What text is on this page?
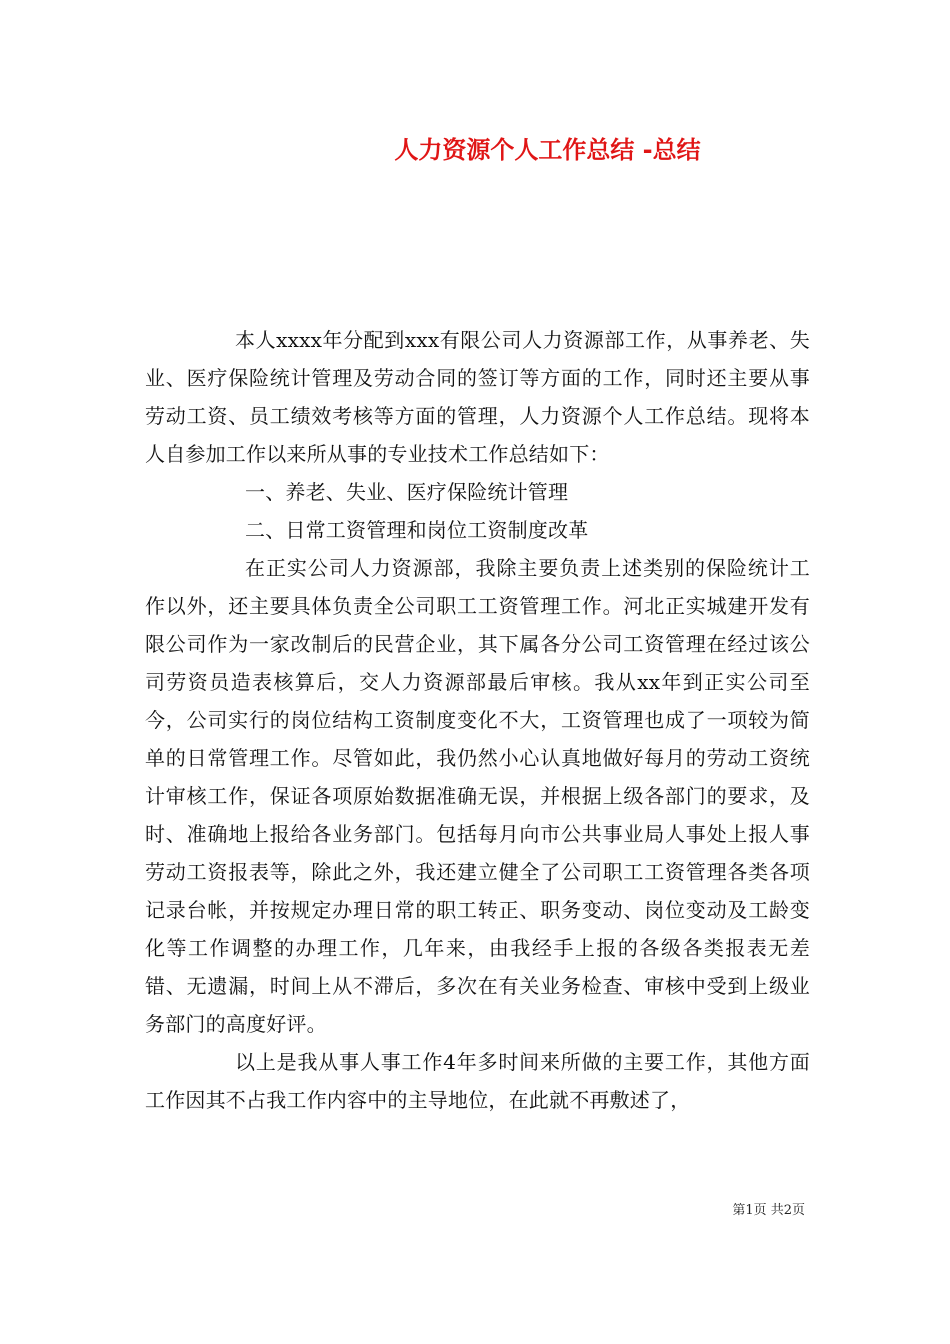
人力资源个人工作总结 -总结

本人xxxx年分配到xxx有限公司人力资源部工作，从事养老、失业、医疗保险统计管理及劳动合同的签订等方面的工作，同时还主要从事劳动工资、员工绩效考核等方面的管理，人力资源个人工作总结。现将本人自参加工作以来所从事的专业技术工作总结如下：

一、养老、失业、医疗保险统计管理

二、日常工资管理和岗位工资制度改革

在正实公司人力资源部，我除主要负责上述类别的保险统计工作以外，还主要具体负责全公司职工工资管理工作。河北正实城建开发有限公司作为一家改制后的民营企业，其下属各分公司工资管理在经过该公司劳资员造表核算后，交人力资源部最后审核。我从xx年到正实公司至今，公司实行的岗位结构工资制度变化不大，工资管理也成了一项较为简单的日常管理工作。尽管如此，我仍然小心认真地做好每月的劳动工资统计审核工作，保证各项原始数据准确无误，并根据上级各部门的要求，及时、准确地上报给各业务部门。包括每月向市公共事业局人事处上报人事劳动工资报表等，除此之外，我还建立健全了公司职工工资管理各类各项记录台帐，并按规定办理日常的职工转正、职务变动、岗位变动及工龄变化等工作调整的办理工作，几年来，由我经手上报的各级各类报表无差错、无遗漏，时间上从不滞后，多次在有关业务检查、审核中受到上级业务部门的高度好评。

以上是我从事人事工作4年多时间来所做的主要工作，其他方面工作因其不占我工作内容中的主导地位，在此就不再敷述了，

第1页 共2页
